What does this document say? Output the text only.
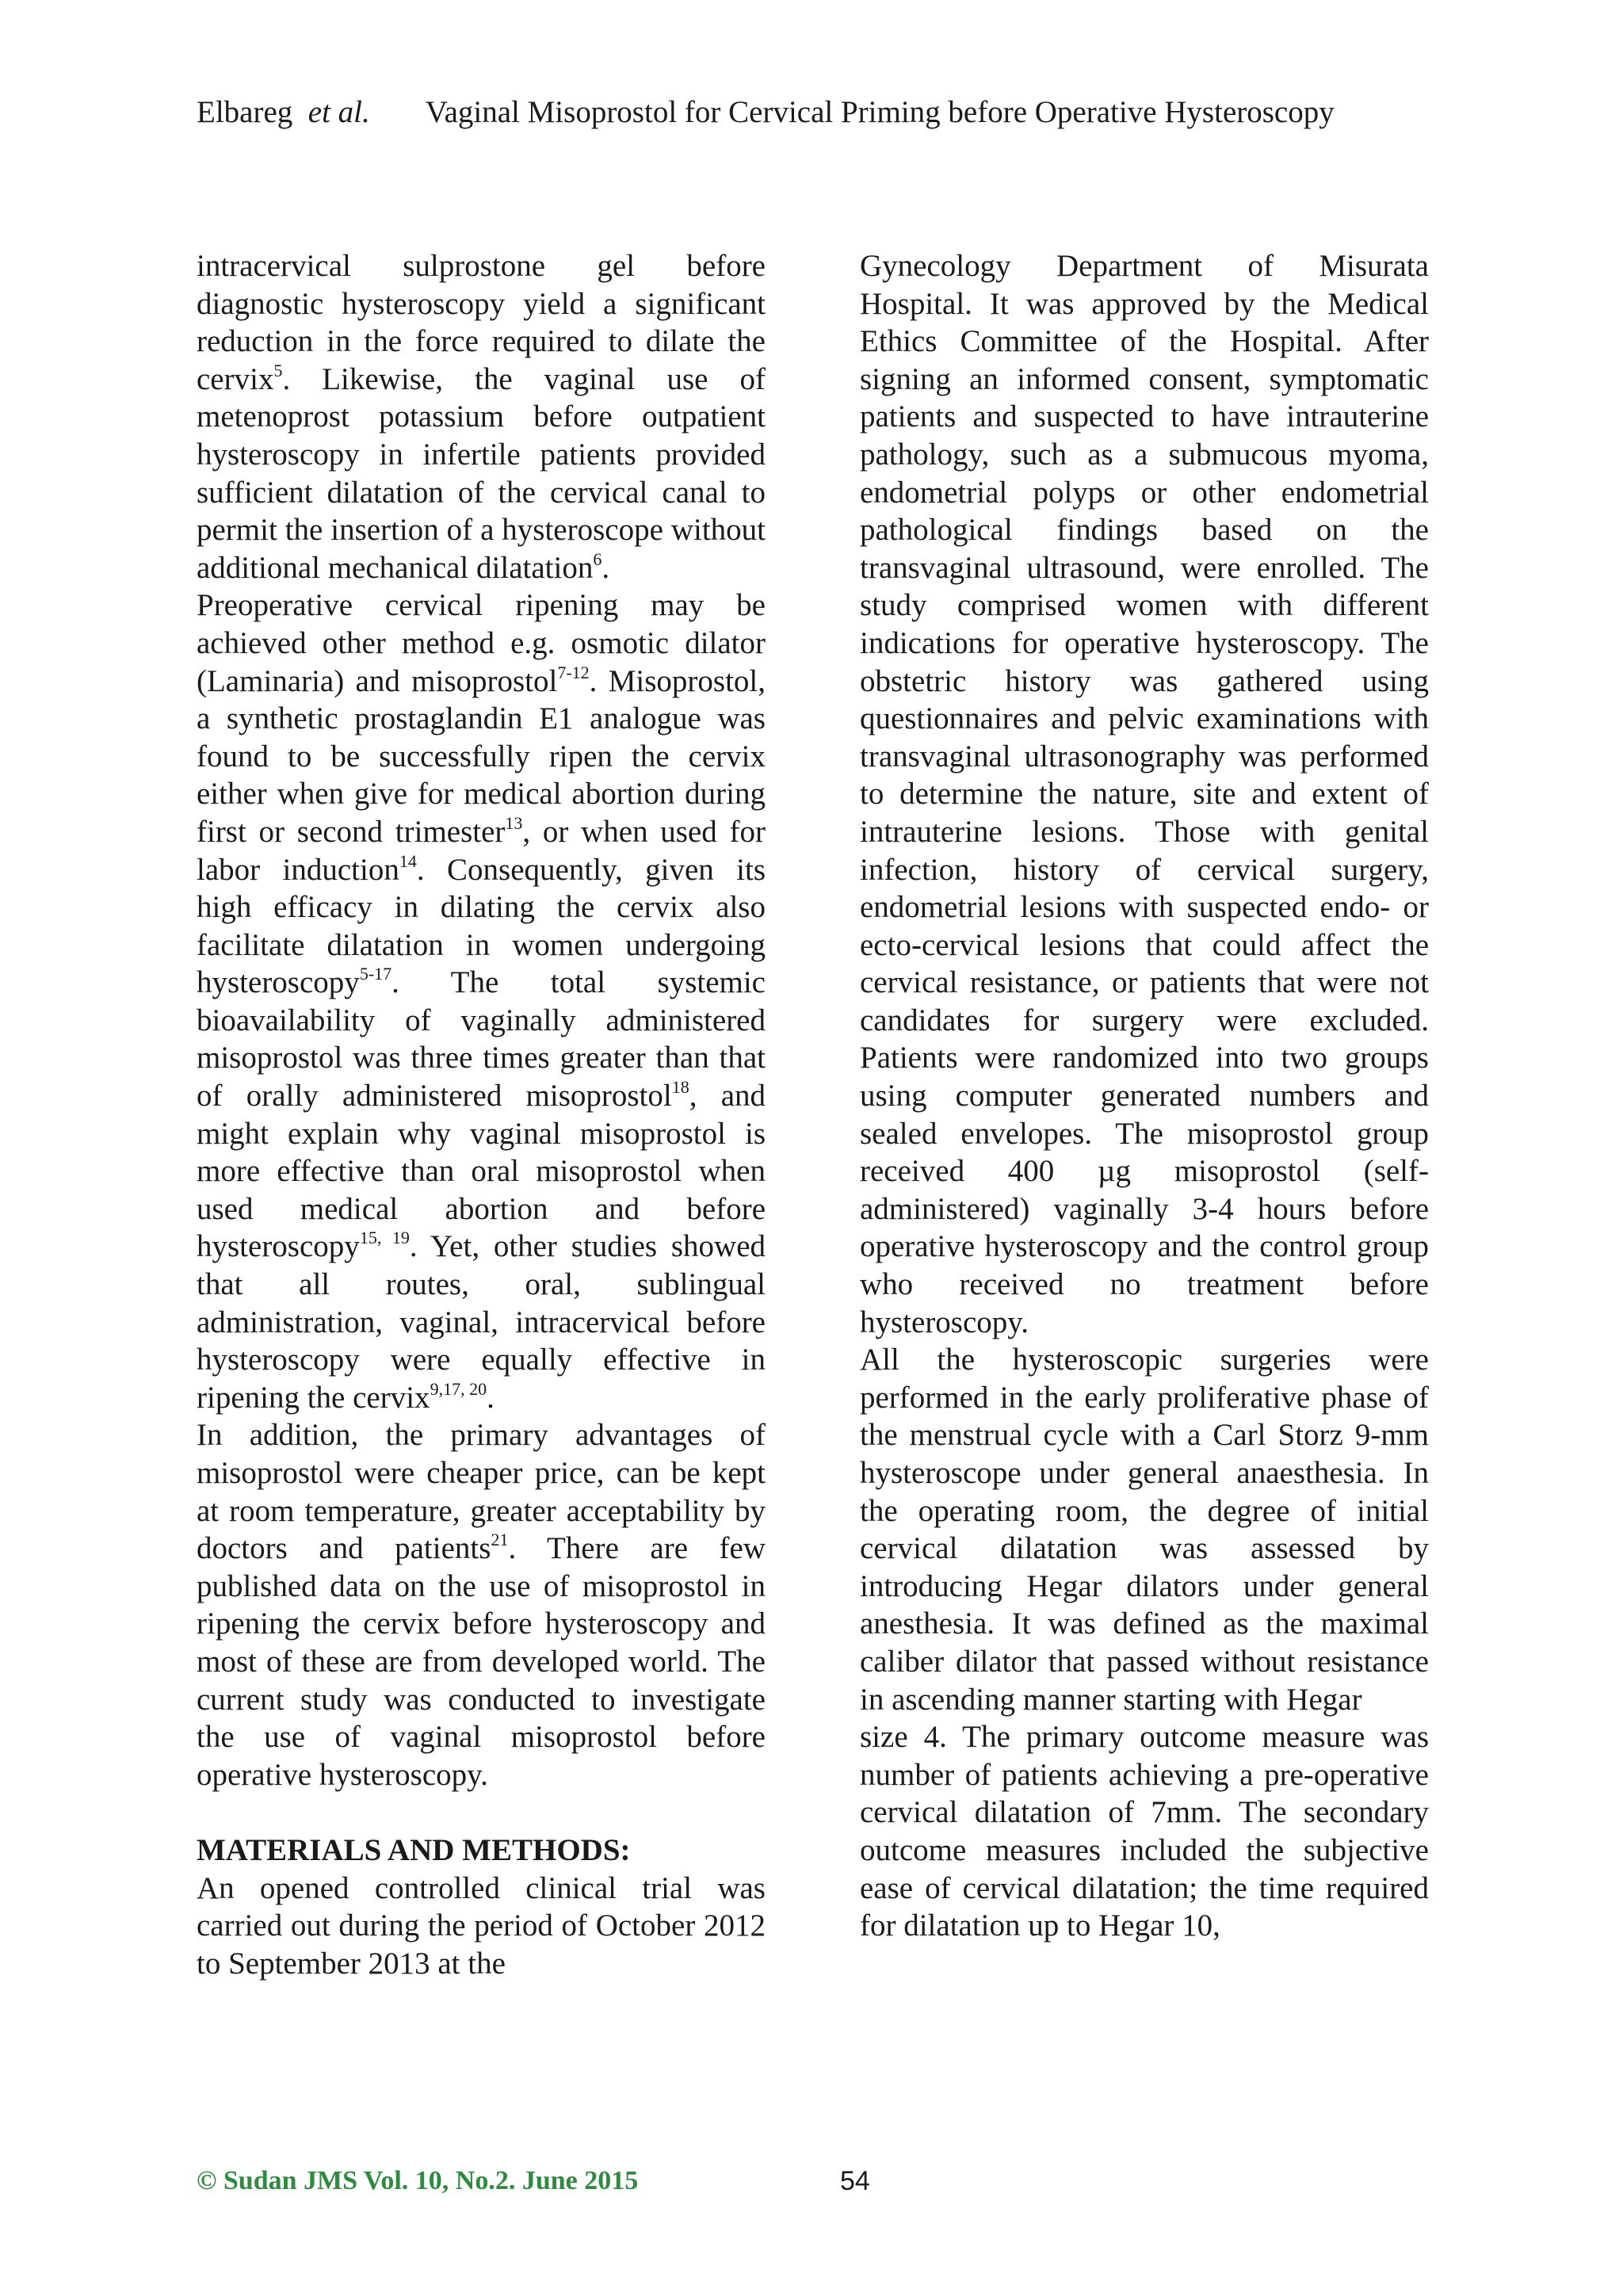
Elbareg et al. Vaginal Misoprostol for Cervical Priming before Operative Hysteroscopy

intracervical sulprostone gel before diagnostic hysteroscopy yield a significant reduction in the force required to dilate the cervix$^5$. Likewise, the vaginal use of metenoprost potassium before outpatient hysteroscopy in infertile patients provided sufficient dilatation of the cervical canal to permit the insertion of a hysteroscope without additional mechanical dilatation$^6$.

Preoperative cervical ripening may be achieved other method e.g. osmotic dilator (Laminaria) and misoprostol$^{7-12}$. Misoprostol, a synthetic prostaglandin E1 analogue was found to be successfully ripen the cervix either when give for medical abortion during first or second trimester$^{13}$, or when used for labor induction$^{14}$. Consequently, given its high efficacy in dilating the cervix also facilitate dilatation in women undergoing hysteroscopy$^{5-17}$. The total systemic bioavailability of vaginally administered misoprostol was three times greater than that of orally administered misoprostol$^{18}$, and might explain why vaginal misoprostol is more effective than oral misoprostol when used medical abortion and before hysteroscopy$^{15, 19}$. Yet, other studies showed that all routes, oral, sublingual administration, vaginal, intracervical before hysteroscopy were equally effective in ripening the cervix$^{9,17, 20}$.

In addition, the primary advantages of misoprostol were cheaper price, can be kept at room temperature, greater acceptability by doctors and patients$^{21}$. There are few published data on the use of misoprostol in ripening the cervix before hysteroscopy and most of these are from developed world. The current study was conducted to investigate the use of vaginal misoprostol before operative hysteroscopy.

MATERIALS AND METHODS:

An opened controlled clinical trial was carried out during the period of October 2012 to September 2013 at the

Gynecology Department of Misurata Hospital. It was approved by the Medical Ethics Committee of the Hospital. After signing an informed consent, symptomatic patients and suspected to have intrauterine pathology, such as a submucous myoma, endometrial polyps or other endometrial pathological findings based on the transvaginal ultrasound, were enrolled. The study comprised women with different indications for operative hysteroscopy. The obstetric history was gathered using questionnaires and pelvic examinations with transvaginal ultrasonography was performed to determine the nature, site and extent of intrauterine lesions. Those with genital infection, history of cervical surgery, endometrial lesions with suspected endo- or ecto-cervical lesions that could affect the cervical resistance, or patients that were not candidates for surgery were excluded. Patients were randomized into two groups using computer generated numbers and sealed envelopes. The misoprostol group received 400 µg misoprostol (self-administered) vaginally 3-4 hours before operative hysteroscopy and the control group who received no treatment before hysteroscopy.

All the hysteroscopic surgeries were performed in the early proliferative phase of the menstrual cycle with a Carl Storz 9-mm hysteroscope under general anaesthesia. In the operating room, the degree of initial cervical dilatation was assessed by introducing Hegar dilators under general anesthesia. It was defined as the maximal caliber dilator that passed without resistance in ascending manner starting with Hegar

size 4. The primary outcome measure was number of patients achieving a pre-operative cervical dilatation of 7mm. The secondary outcome measures included the subjective ease of cervical dilatation; the time required for dilatation up to Hegar 10,

© Sudan JMS Vol. 10, No.2. June 2015	54
